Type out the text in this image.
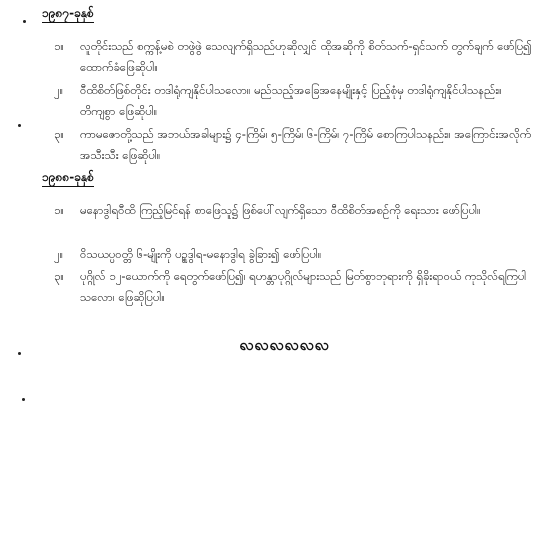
၁၉၈၇-ခုနှစ်
၁။	လူတိုင်းသည် စက္ကန့်မစဲ တဖွဲဖွဲ သေလျက်ရှိသည်ဟုဆိုလျှင် ထိုအဆိုကို စိတ်သက်-ရှင်သက် တွက်ချက် ဖော်ပြ၍ ထောက်ခံဖြေဆိုပါ။
၂။	ဝီထိစိတ်ဖြစ်တိုင်း တဒါရုံကျနိုင်ပါသလော။ မည်သည့်အခြေအနေမျိုးနှင့် ပြည့်စုံမှ တဒါရုံကျနိုင်ပါသနည်း။ တိကျစွာ ဖြေဆိုပါ။
၃။	ကာမဇောတို့သည် အဘယ်အခါများ၌ ၄-ကြိမ်၊ ၅-ကြိမ်၊ ၆-ကြိမ်၊ ၇-ကြိမ် စောကြပါသနည်း။ အကြောင်းအလိုက် အသီးသီး ဖြေဆိုပါ။
၁၉၈၈-ခုနှစ်
၁။	မနောဒွါရဝီထိ ကြည့်မြင်ရန် စာဖြေသူ၌ ဖြစ်ပေါ်လျက်ရှိသော ဝီထိစိတ်အစဉ်ကို ရေးသား ဖော်ပြပါ။
၂။	ဝိသယပ္ပဝတ္တိ ၆-မျိုးကို ပဥ္စဒွါရ-မနောဒွါရ ခွဲခြား၍ ဖော်ပြပါ။
၃။	ပုဂ္ဂိုလ် ၁၂-ယောက်ကို ရေတွက်ဖော်ပြ၍၊ ရဟန္တာပုဂ္ဂိုလ်များသည် မြတ်စွာဘုရားကို ရှိခိုးရာဝယ် ကုသိုလ်ရကြပါသလော၊ ဖြေဆိုပြပါ။
ꩮꩮꩮꩮꩮꩮ
